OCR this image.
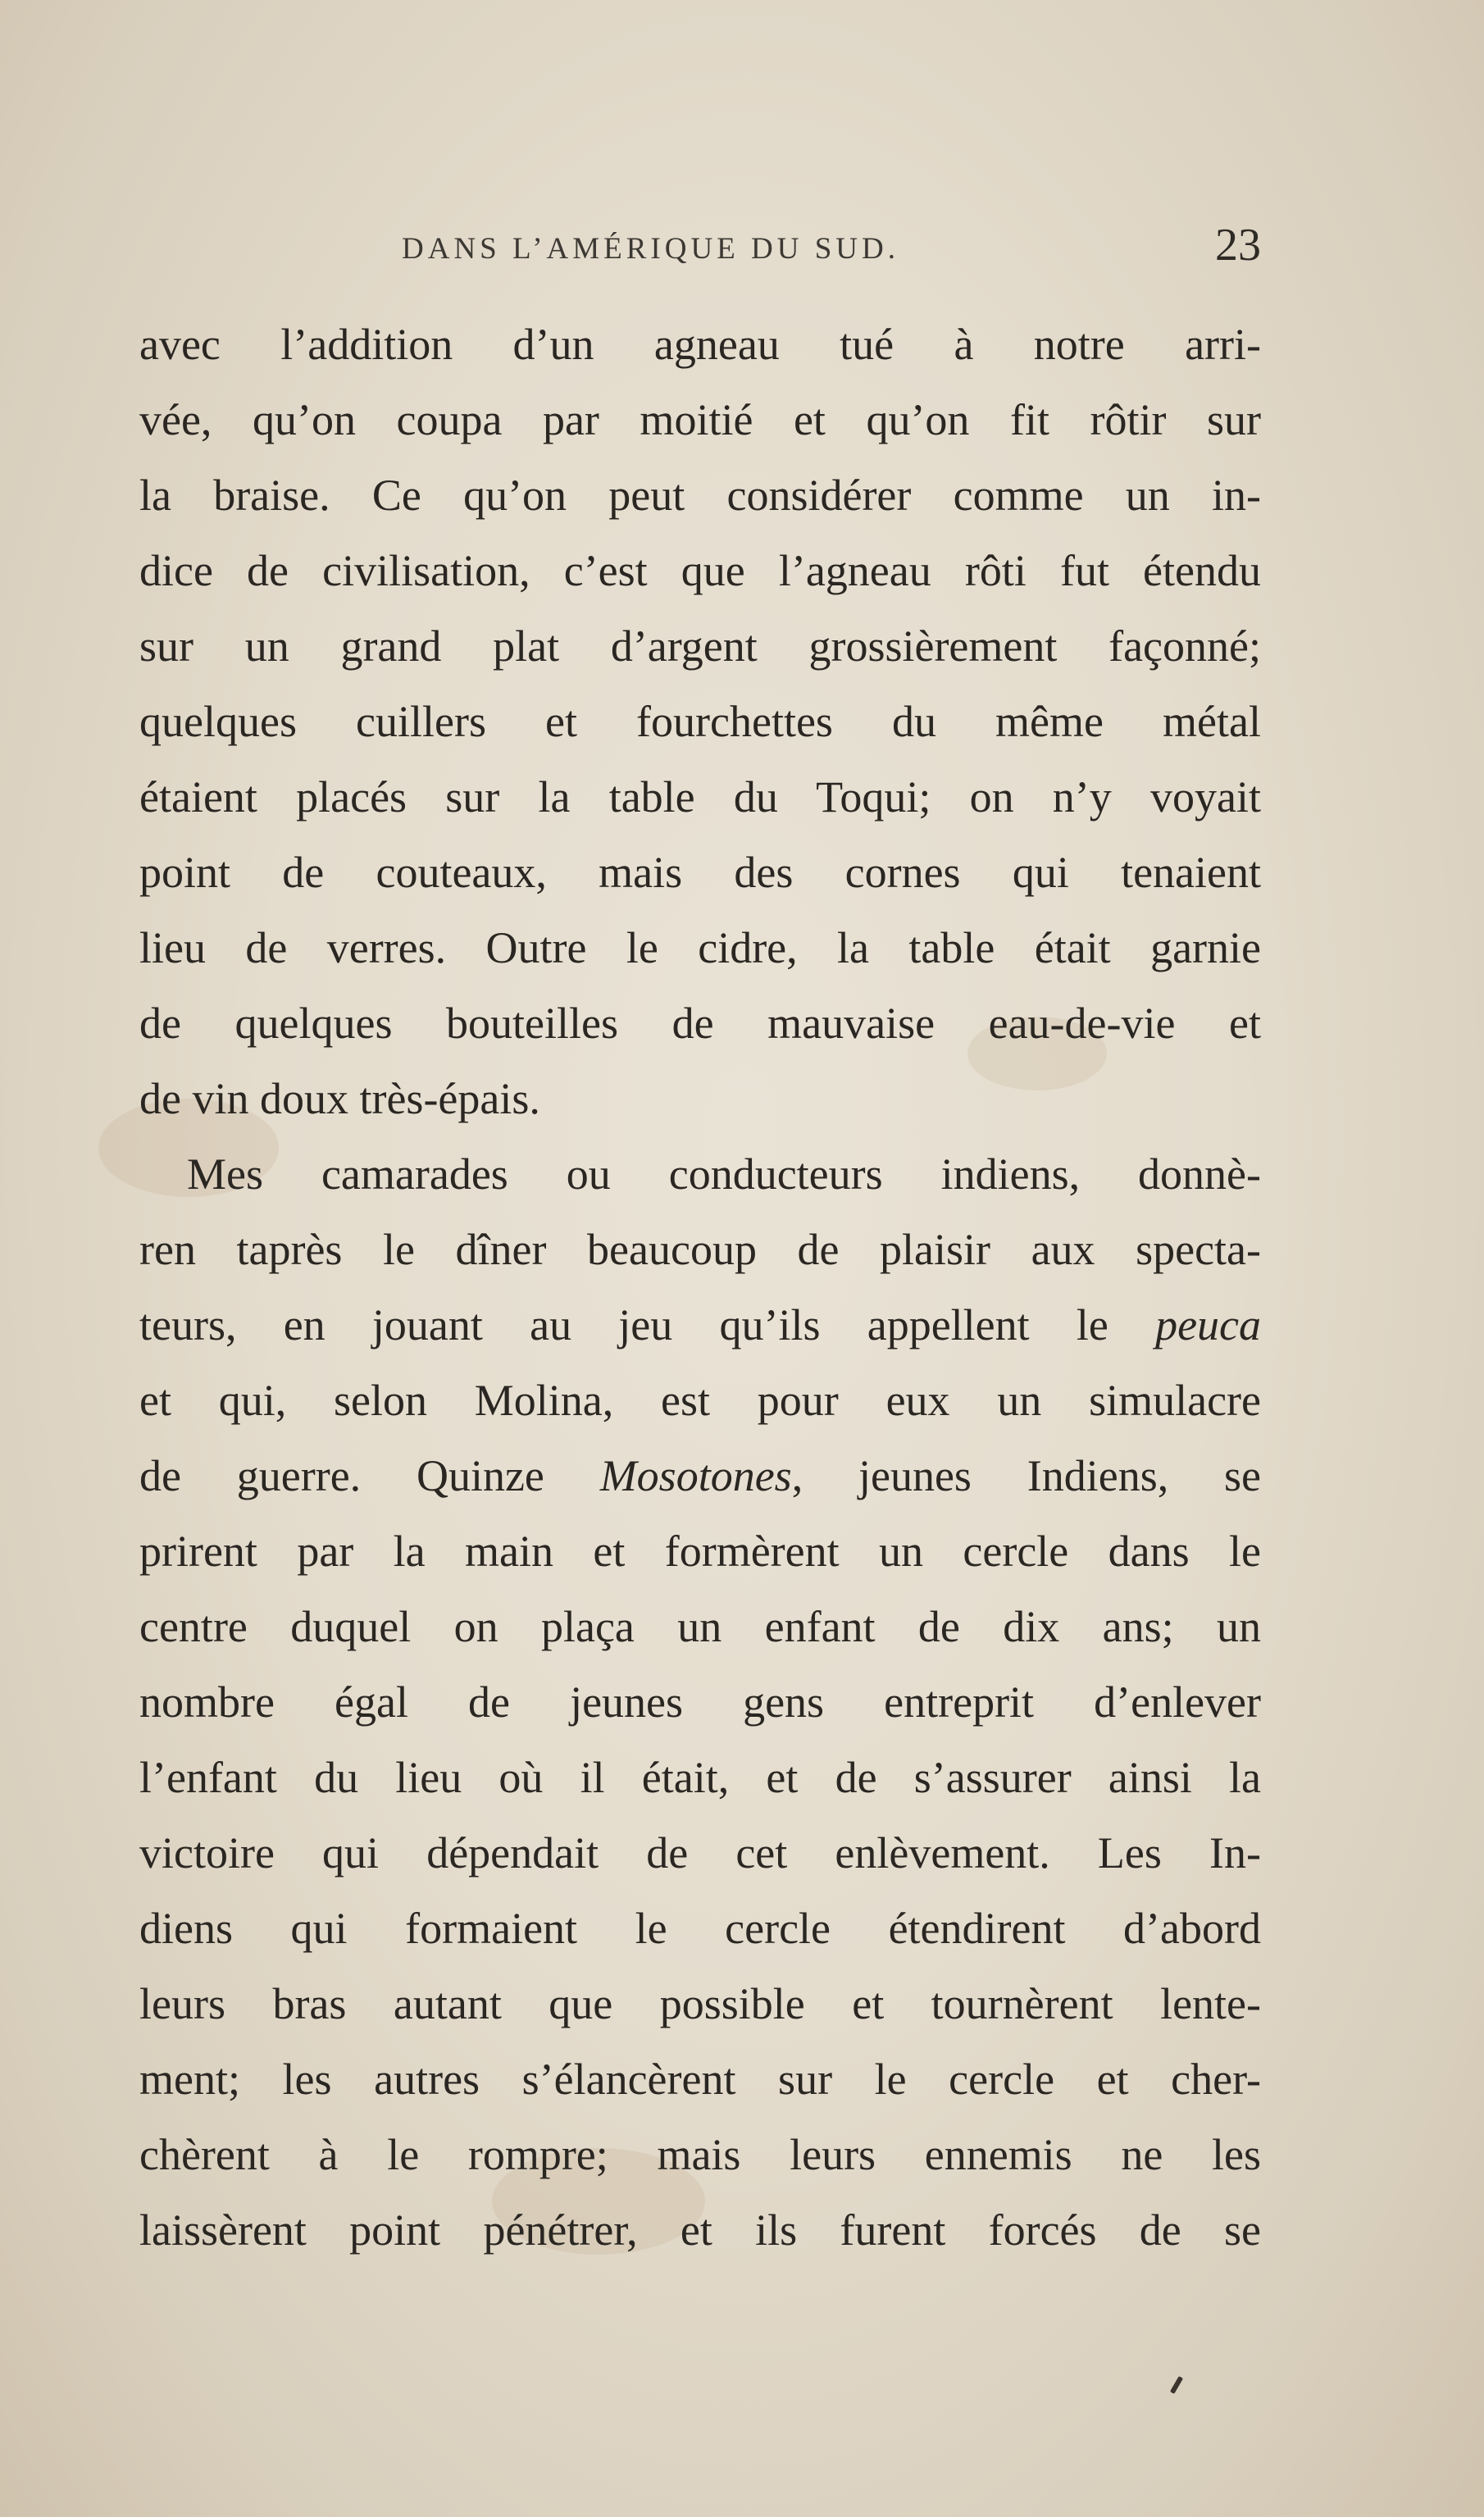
DANS L’AMÉRIQUE DU SUD.	23
avec l’addition d’un agneau tué à notre arri-
vée, qu’on coupa par moitié et qu’on fit rôtir sur
la braise. Ce qu’on peut considérer comme un in-
dice de civilisation, c’est que l’agneau rôti fut étendu
sur un grand plat d’argent grossièrement façonné;
quelques cuillers et fourchettes du même métal
étaient placés sur la table du Toqui; on n’y voyait
point de couteaux, mais des cornes qui tenaient
lieu de verres. Outre le cidre, la table était garnie
de quelques bouteilles de mauvaise eau-de-vie et
de vin doux très-épais.
Mes camarades ou conducteurs indiens, donnè-
ren taprès le dîner beaucoup de plaisir aux specta-
teurs, en jouant au jeu qu’ils appellent le peuca
et qui, selon Molina, est pour eux un simulacre
de guerre. Quinze Mosotones, jeunes Indiens, se
prirent par la main et formèrent un cercle dans le
centre duquel on plaça un enfant de dix ans; un
nombre égal de jeunes gens entreprit d’enlever
l’enfant du lieu où il était, et de s’assurer ainsi la
victoire qui dépendait de cet enlèvement. Les In-
diens qui formaient le cercle étendirent d’abord
leurs bras autant que possible et tournèrent lente-
ment; les autres s’élancèrent sur le cercle et cher-
chèrent à le rompre; mais leurs ennemis ne les
laissèrent point pénétrer, et ils furent forcés de se
